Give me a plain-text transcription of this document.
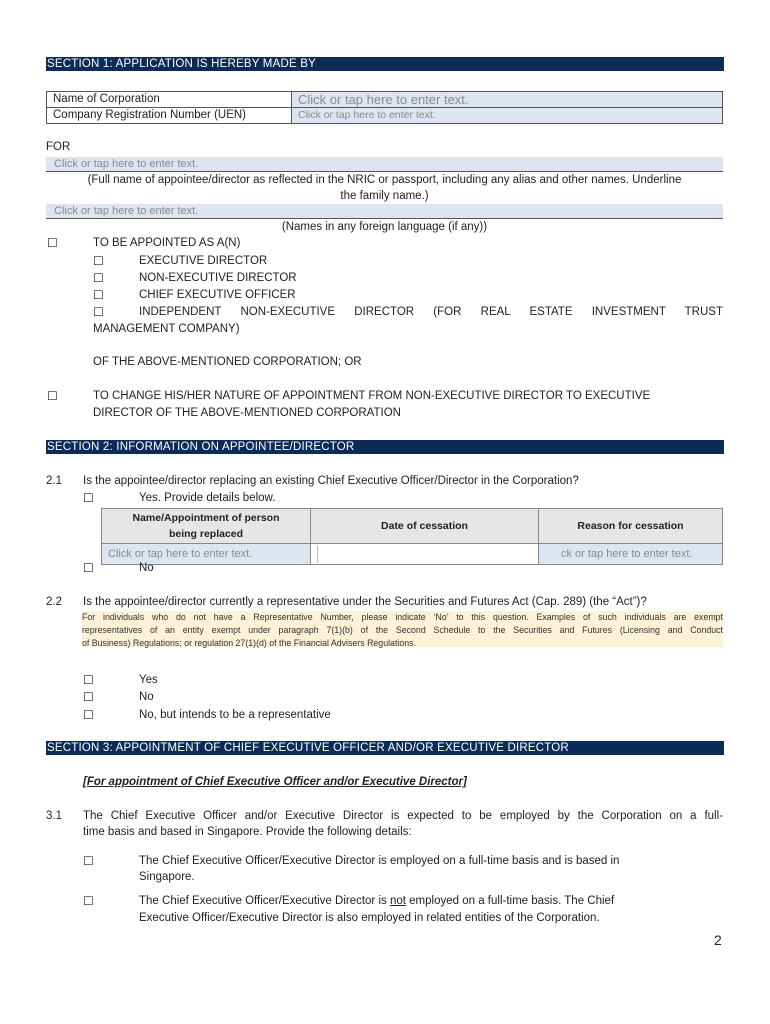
SECTION 1: APPLICATION IS HEREBY MADE BY
Name of Corporation	Click or tap here to enter text.
Company Registration Number (UEN)	Click or tap here to enter text.
FOR
Click or tap here to enter text.
(Full name of appointee/director as reflected in the NRIC or passport, including any alias and other names. Underline
the family name.)
Click or tap here to enter text.
(Names in any foreign language (if any))
☐	TO BE APPOINTED AS A(N)
☐	EXECUTIVE DIRECTOR
☐	NON-EXECUTIVE DIRECTOR
☐	CHIEF EXECUTIVE OFFICER
☐	INDEPENDENT NON-EXECUTIVE DIRECTOR (FOR REAL ESTATE INVESTMENT TRUST
MANAGEMENT COMPANY)
OF THE ABOVE-MENTIONED CORPORATION; OR
☐	TO CHANGE HIS/HER NATURE OF APPOINTMENT FROM NON-EXECUTIVE DIRECTOR TO EXECUTIVE
DIRECTOR OF THE ABOVE-MENTIONED CORPORATION
SECTION 2: INFORMATION ON APPOINTEE/DIRECTOR
2.1 Is the appointee/director replacing an existing Chief Executive Officer/Director in the Corporation?
☐	Yes. Provide details below.
Name/Appointment of person
being replaced	Date of cessation	Reason for cessation
Click or tap here to enter text.		ck or tap here to enter text.
☐	No
2.2 Is the appointee/director currently a representative under the Securities and Futures Act (Cap. 289) (the “Act”)?
For individuals who do not have a Representative Number, please indicate ‘No’ to this question. Examples of such individuals are exempt
representatives of an entity exempt under paragraph 7(1)(b) of the Second Schedule to the Securities and Futures (Licensing and Conduct
of Business) Regulations; or regulation 27(1)(d) of the Financial Advisers Regulations.
☐	Yes
☐	No
☐	No, but intends to be a representative
SECTION 3: APPOINTMENT OF CHIEF EXECUTIVE OFFICER AND/OR EXECUTIVE DIRECTOR
[For appointment of Chief Executive Officer and/or Executive Director]
3.1 The Chief Executive Officer and/or Executive Director is expected to be employed by the Corporation on a full-
time basis and based in Singapore. Provide the following details:
☐	The Chief Executive Officer/Executive Director is employed on a full-time basis and is based in
Singapore.
☐	The Chief Executive Officer/Executive Director is not employed on a full-time basis. The Chief
Executive Officer/Executive Director is also employed in related entities of the Corporation.
2
